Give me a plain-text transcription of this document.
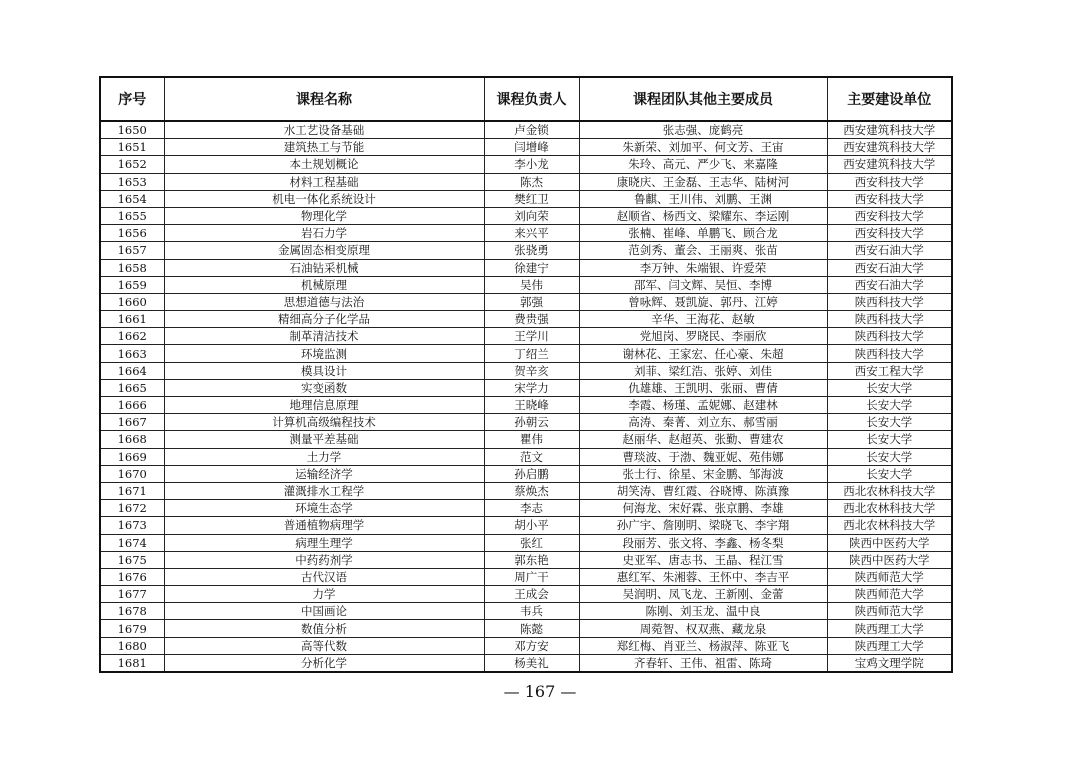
序号	课程名称	课程负责人	课程团队其他主要成员	主要建设单位
1650	水工艺设备基础	卢金锁	张志强、庞鹤亮	西安建筑科技大学
1651	建筑热工与节能	闫增峰	朱新荣、刘加平、何文芳、王宙	西安建筑科技大学
1652	本土规划概论	李小龙	朱玲、高元、严少飞、来嘉隆	西安建筑科技大学
1653	材料工程基础	陈杰	康晓庆、王金磊、王志华、陆树河	西安科技大学
1654	机电一体化系统设计	樊红卫	鲁麒、王川伟、刘鹏、王渊	西安科技大学
1655	物理化学	刘向荣	赵顺省、杨西文、梁耀东、李运刚	西安科技大学
1656	岩石力学	来兴平	张楠、崔峰、单鹏飞、顾合龙	西安科技大学
1657	金属固态相变原理	张骁勇	范剑秀、董会、王丽爽、张苗	西安石油大学
1658	石油钻采机械	徐建宁	李万钟、朱端银、许爱荣	西安石油大学
1659	机械原理	吴伟	邵军、闫文辉、吴恒、李博	西安石油大学
1660	思想道德与法治	郭强	曾咏辉、聂凯旋、郭丹、江婷	陕西科技大学
1661	精细高分子化学品	费贵强	辛华、王海花、赵敏	陕西科技大学
1662	制革清洁技术	王学川	党旭岗、罗晓民、李丽欣	陕西科技大学
1663	环境监测	丁绍兰	谢林花、王家宏、任心豪、朱超	陕西科技大学
1664	模具设计	贺辛亥	刘菲、梁红浩、张婷、刘佳	西安工程大学
1665	实变函数	宋学力	仇雄雄、王凯明、张丽、曹倩	长安大学
1666	地理信息原理	王晓峰	李霞、杨瑾、孟妮娜、赵建林	长安大学
1667	计算机高级编程技术	孙朝云	高涛、秦菁、刘立东、郝雪丽	长安大学
1668	测量平差基础	瞿伟	赵丽华、赵超英、张勤、曹建农	长安大学
1669	土力学	范文	曹琰波、于渤、魏亚妮、苑伟娜	长安大学
1670	运输经济学	孙启鹏	张士行、徐星、宋金鹏、邹海波	长安大学
1671	灌溉排水工程学	蔡焕杰	胡笑涛、曹红霞、谷晓博、陈滇豫	西北农林科技大学
1672	环境生态学	李志	何海龙、宋好霖、张京鹏、李雄	西北农林科技大学
1673	普通植物病理学	胡小平	孙广宇、詹刚明、梁晓飞、李宇翔	西北农林科技大学
1674	病理生理学	张红	段丽芳、张文将、李鑫、杨冬梨	陕西中医药大学
1675	中药药剂学	郭东艳	史亚军、唐志书、王晶、程江雪	陕西中医药大学
1676	古代汉语	周广干	惠红军、朱湘蓉、王怀中、李吉平	陕西师范大学
1677	力学	王成会	吴润明、凤飞龙、王新刚、金蕾	陕西师范大学
1678	中国画论	韦兵	陈刚、刘玉龙、温中良	陕西师范大学
1679	数值分析	陈懿	周菀智、权双燕、藏龙泉	陕西理工大学
1680	高等代数	邓方安	郑红梅、肖亚兰、杨淑萍、陈亚飞	陕西理工大学
1681	分析化学	杨美礼	齐春轩、王伟、祖雷、陈琦	宝鸡文理学院
— 167 —
